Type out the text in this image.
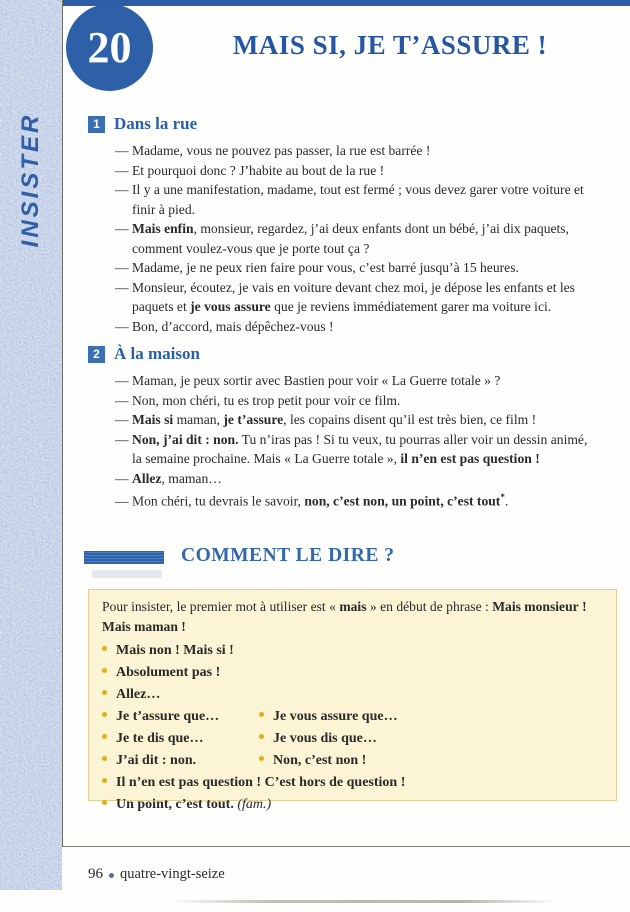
INSISTER
20	MAIS SI, JE T’ASSURE !
1 Dans la rue

— Madame, vous ne pouvez pas passer, la rue est barrée !

— Et pourquoi donc ? J’habite au bout de la rue !

— Il y a une manifestation, madame, tout est fermé ; vous devez garer votre voiture et finir à pied.

— Mais enfin, monsieur, regardez, j’ai deux enfants dont un bébé, j’ai dix paquets, comment voulez-vous que je porte tout ça ?

— Madame, je ne peux rien faire pour vous, c’est barré jusqu’à 15 heures.

— Monsieur, écoutez, je vais en voiture devant chez moi, je dépose les enfants et les paquets et je vous assure que je reviens immédiatement garer ma voiture ici.

— Bon, d’accord, mais dépêchez-vous !

2 À la maison

— Maman, je peux sortir avec Bastien pour voir « La Guerre totale » ?

— Non, mon chéri, tu es trop petit pour voir ce film.

— Mais si maman, je t’assure, les copains disent qu’il est très bien, ce film !

— Non, j’ai dit : non. Tu n’iras pas ! Si tu veux, tu pourras aller voir un dessin animé, la semaine prochaine. Mais « La Guerre totale », il n’en est pas question !

— Allez, maman…

— Mon chéri, tu devrais le savoir, non, c’est non, un point, c’est tout*.

COMMENT LE DIRE ?

Pour insister, le premier mot à utiliser est « mais » en début de phrase : Mais monsieur ! Mais maman !

Mais non ! Mais si !
Absolument pas !
Allez…
Je t’assure que…	Je vous assure que…
Je te dis que…	Je vous dis que…
J’ai dit : non.	Non, c’est non !
Il n’en est pas question ! C’est hors de question !
Un point, c’est tout. (fam.)
96 quatre-vingt-seize
